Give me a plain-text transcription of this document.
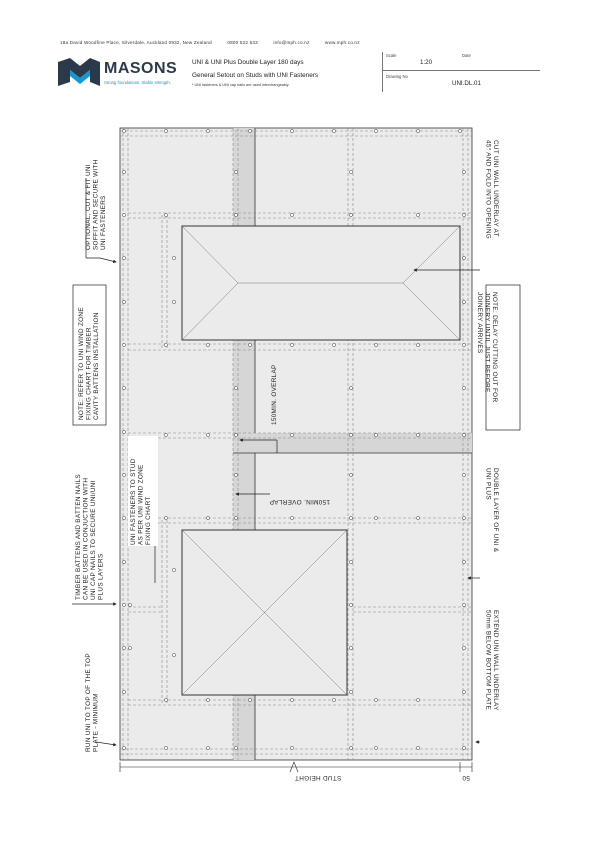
18a David Woodfine Place, Silverdale, Auckland 0932, New Zealand	0800 522 533	info@mph.co.nz	www.mph.co.nz
MASONS
Strong foundations. Stable strength.
UNI & UNI Plus Double Layer 180 days
General Setout on Studs with UNI Fasteners
* UNI fasteners & UNI cap nails are used interchangeably
Scale
1:20
Date
Drawing No
UNI.DL.01
OPTIONAL, CUT & FIT UNISOFFIT AND SECURE WITHUNI FASTENERS
NOTE: REFER TO UNI WIND ZONEFIXING CHART FOR TIMBERCAVITY BATTENS INSTALLATION
TIMBER BATTENS AND BATTEN NAILSCAN BE USED IN CONJUCTION WITHUNI CAP NAILS TO SECURE UNI/UNIPLUS LAYERS
RUN UNI TO TOP OF THE TOPPLATE - MINIMUM
UNI FASTENERS TO STUDAS PER UNI WIND ZONEFIXING CHART
150MIN. OVERLAP
150MIN. OVERLAP
CUT UNI WALL UNDERLAY AT45° AND FOLD INTO OPENING
NOTE: DELAY CUTTING OUT FORJOINERY UNTIL JUST BEFOREJOINERY ARRIVES
DOUBLE LAYER OF UNI &UNI PLUS
EXTEND UNI WALL UNDERLAY50mm BELOW BOTTOM PLATE
STUD HEIGHT	50
